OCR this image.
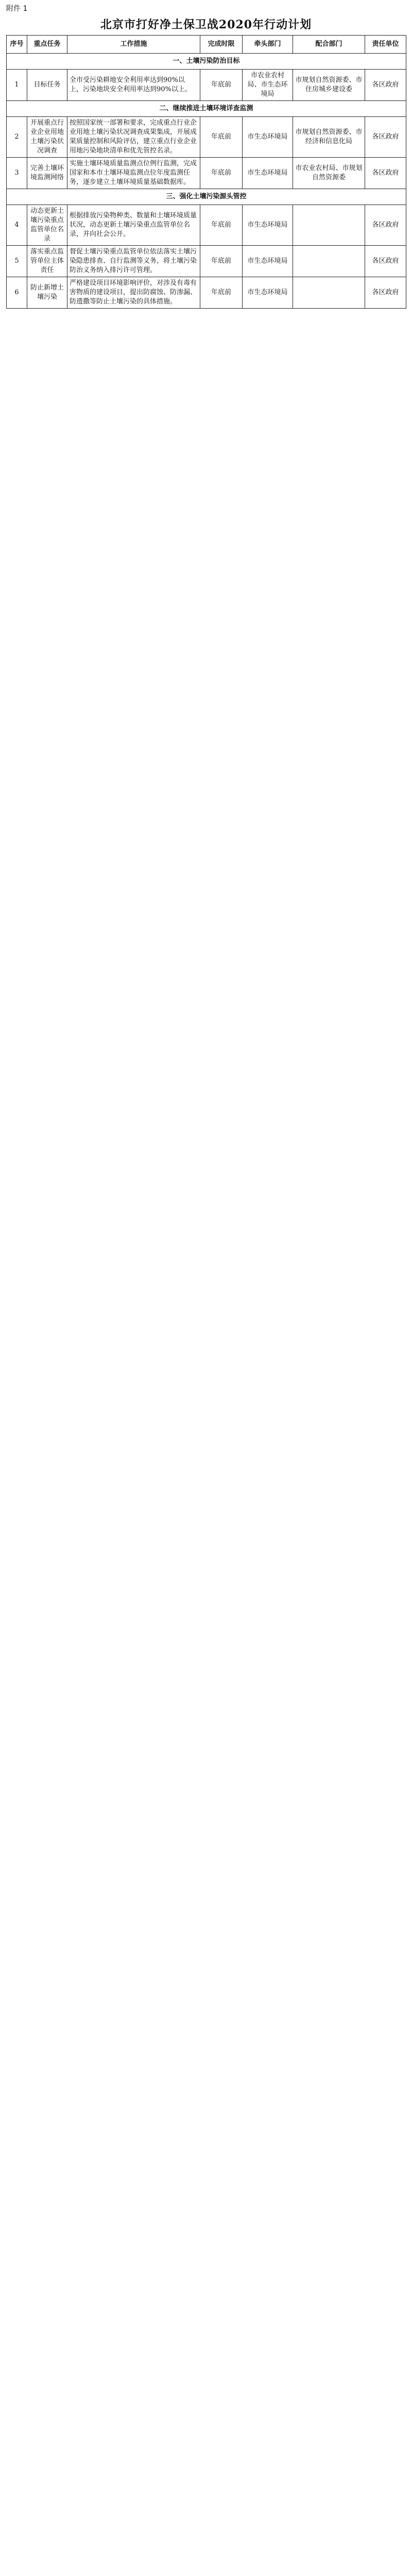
附件 1
北京市打好净土保卫战2020年行动计划
序号	重点任务	工作措施	完成时限	牵头部门	配合部门	责任单位
一、土壤污染防治目标						
1	目标任务	全市受污染耕地安全利用率达到90%以上，污染地块安全利用率达到90%以上。	年底前	市农业农村局、市生态环境局	市规划自然资源委、市住房城乡建设委	各区政府
二、继续推进土壤环境详查监测						
2	开展重点行业企业用地土壤污染状况调查	按照国家统一部署和要求，完成重点行业企业用地土壤污染状况调查成果集成，开展成果质量控制和风险评估，建立重点行业企业用地污染地块清单和优先管控名录。	年底前	市生态环境局	市规划自然资源委、市经济和信息化局	各区政府
3	完善土壤环境监测网络	实施土壤环境质量监测点位例行监测，完成国家和本市土壤环境监测点位年度监测任务，逐步建立土壤环境质量基础数据库。	年底前	市生态环境局	市农业农村局、市规划自然资源委	各区政府
三、强化土壤污染源头管控						
4	动态更新土壤污染重点监管单位名录	根据排放污染物种类、数量和土壤环境质量状况，动态更新土壤污染重点监管单位名录，并向社会公开。	年底前	市生态环境局		各区政府
5	落实重点监管单位主体责任	督促土壤污染重点监管单位依法落实土壤污染隐患排查、自行监测等义务，将土壤污染防治义务纳入排污许可管理。	年底前	市生态环境局		各区政府
6	防止新增土壤污染	严格建设项目环境影响评价，对涉及有毒有害物质的建设项目，提出防腐蚀、防渗漏、防遗撒等防止土壤污染的具体措施。	年底前	市生态环境局		各区政府
